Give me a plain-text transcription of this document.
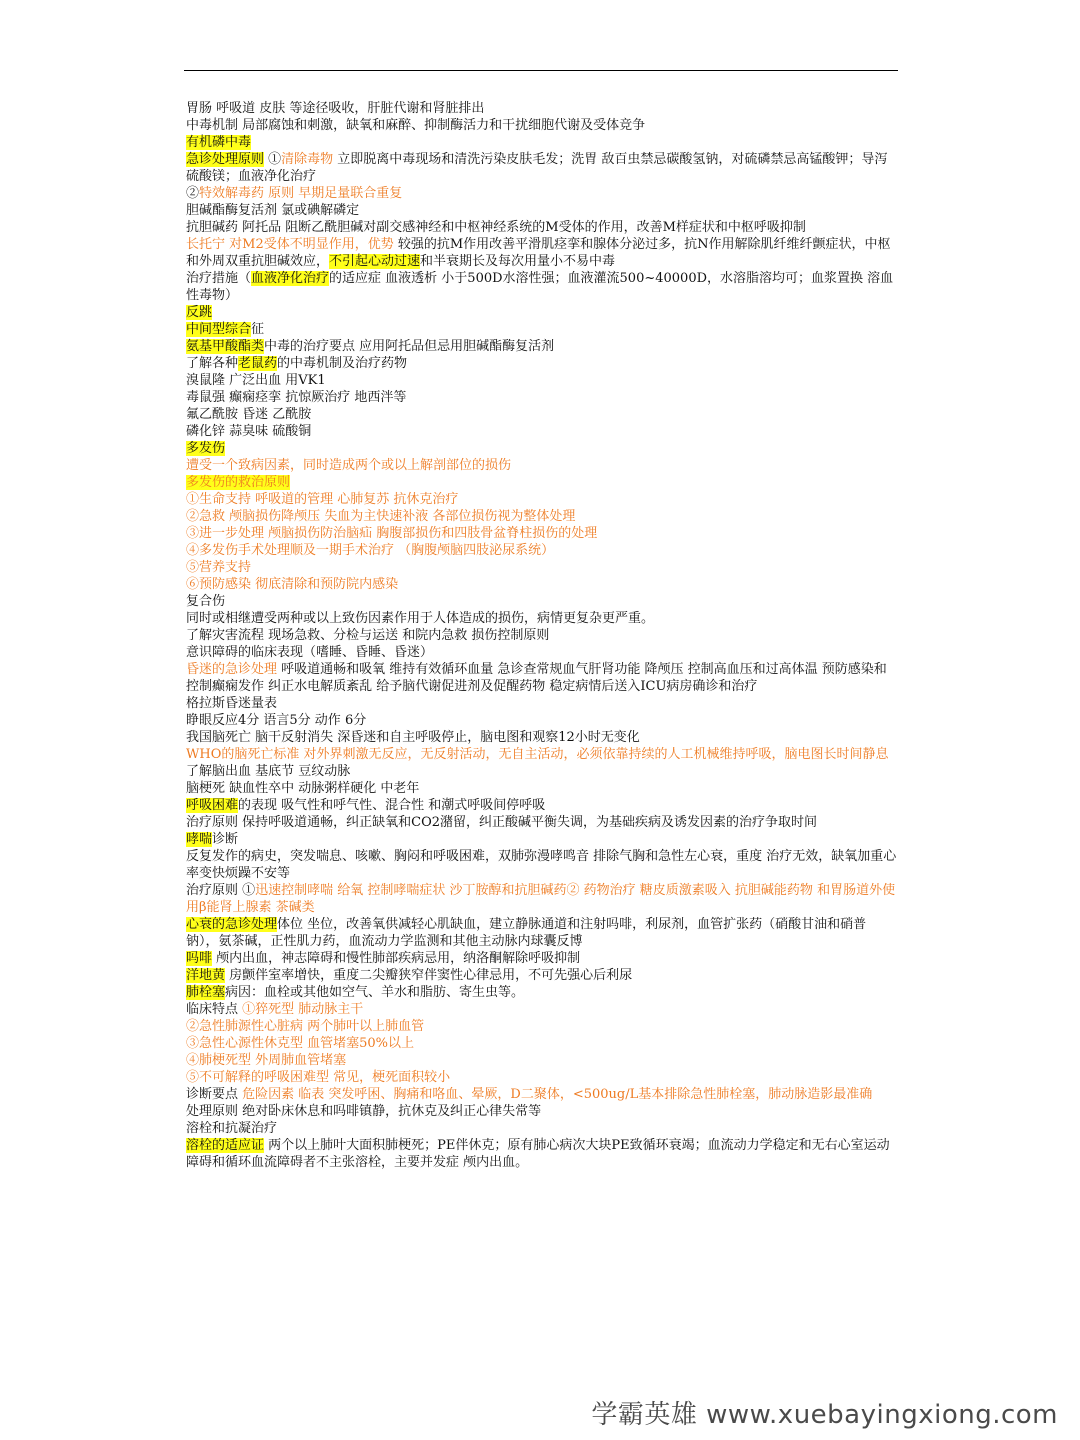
胃肠 呼吸道 皮肤 等途径吸收，肝脏代谢和肾脏排出
中毒机制 局部腐蚀和刺激，缺氧和麻醉、抑制酶活力和干扰细胞代谢及受体竞争
有机磷中毒
急诊处理原则 ①清除毒物 立即脱离中毒现场和清洗污染皮肤毛发；洗胃 敌百虫禁忌碳酸氢钠，对硫磷禁忌高锰酸钾；导泻 硫酸镁；血液净化治疗
②特效解毒药 原则 早期足量联合重复
胆碱酯酶复活剂 氯或碘解磷定
抗胆碱药 阿托品 阻断乙酰胆碱对副交感神经和中枢神经系统的M受体的作用，改善M样症状和中枢呼吸抑制
长托宁 对M2受体不明显作用，优势 较强的抗M作用改善平滑肌痉挛和腺体分泌过多，抗N作用解除肌纤维纤颤症状，中枢和外周双重抗胆碱效应，不引起心动过速和半衰期长及每次用量小不易中毒
治疗措施（血液净化治疗的适应症 血液透析 小于500D水溶性强；血液灌流500~40000D，水溶脂溶均可；血浆置换 溶血性毒物）
反跳
中间型综合征
氨基甲酸酯类中毒的治疗要点 应用阿托品但忌用胆碱酯酶复活剂
了解各种老鼠药的中毒机制及治疗药物
溴鼠隆 广泛出血 用VK1
毒鼠强 癫痫痉挛 抗惊厥治疗 地西泮等
氟乙酰胺 昏迷 乙酰胺
磷化锌 蒜臭味 硫酸铜
多发伤
遭受一个致病因素，同时造成两个或以上解剖部位的损伤
多发伤的救治原则
①生命支持 呼吸道的管理 心肺复苏 抗休克治疗
②急救 颅脑损伤降颅压 失血为主快速补液 各部位损伤视为整体处理
③进一步处理 颅脑损伤防治脑疝 胸腹部损伤和四肢骨盆脊柱损伤的处理
④多发伤手术处理顺及一期手术治疗 （胸腹颅脑四肢泌尿系统）
⑤营养支持
⑥预防感染 彻底清除和预防院内感染
复合伤
同时或相继遭受两种或以上致伤因素作用于人体造成的损伤，病情更复杂更严重。
了解灾害流程 现场急救、分检与运送 和院内急救 损伤控制原则
意识障碍的临床表现（嗜睡、昏睡、昏迷）
昏迷的急诊处理 呼吸道通畅和吸氧 维持有效循环血量 急诊查常规血气肝肾功能 降颅压 控制高血压和过高体温 预防感染和控制癫痫发作 纠正水电解质紊乱 给予脑代谢促进剂及促醒药物 稳定病情后送入ICU病房确诊和治疗
格拉斯昏迷量表
睁眼反应4分 语言5分 动作 6分
我国脑死亡 脑干反射消失 深昏迷和自主呼吸停止，脑电图和观察12小时无变化
WHO的脑死亡标准 对外界刺激无反应，无反射活动，无自主活动，必须依靠持续的人工机械维持呼吸，脑电图长时间静息
了解脑出血 基底节 豆纹动脉
脑梗死 缺血性卒中 动脉粥样硬化 中老年
呼吸困难的表现 吸气性和呼气性、混合性 和潮式呼吸间停呼吸
治疗原则 保持呼吸道通畅，纠正缺氧和CO2潴留，纠正酸碱平衡失调，为基础疾病及诱发因素的治疗争取时间
哮喘诊断
反复发作的病史，突发喘息、咳嗽、胸闷和呼吸困难，双肺弥漫哮鸣音 排除气胸和急性左心衰，重度 治疗无效，缺氧加重心率变快烦躁不安等
治疗原则 ①迅速控制哮喘 给氧 控制哮喘症状 沙丁胺醇和抗胆碱药② 药物治疗 糖皮质激素吸入 抗胆碱能药物 和胃肠道外使用β能肾上腺素 茶碱类
心衰的急诊处理体位 坐位，改善氧供减轻心肌缺血，建立静脉通道和注射吗啡，利尿剂，血管扩张药（硝酸甘油和硝普钠），氨茶碱，正性肌力药，血流动力学监测和其他主动脉内球囊反博
吗啡 颅内出血，神志障碍和慢性肺部疾病忌用，纳洛酮解除呼吸抑制
洋地黄 房颤伴室率增快，重度二尖瓣狭窄伴窦性心律忌用，不可先强心后利尿
肺栓塞病因：血栓或其他如空气、羊水和脂肪、寄生虫等。
临床特点 ①猝死型 肺动脉主干
②急性肺源性心脏病 两个肺叶以上肺血管
③急性心源性休克型 血管堵塞50%以上
④肺梗死型 外周肺血管堵塞
⑤不可解释的呼吸困难型 常见，梗死面积较小
诊断要点 危险因素 临表 突发呼困、胸痛和咯血、晕厥，D二聚体，<500ug/L基本排除急性肺栓塞，肺动脉造影最准确
处理原则 绝对卧床休息和吗啡镇静，抗休克及纠正心律失常等
溶栓和抗凝治疗
溶栓的适应证 两个以上肺叶大面积肺梗死；PE伴休克；原有肺心病次大块PE致循环衰竭；血流动力学稳定和无右心室运动障碍和循环血流障碍者不主张溶栓，主要并发症 颅内出血。
学霸英雄 www.xuebayingxiong.com
